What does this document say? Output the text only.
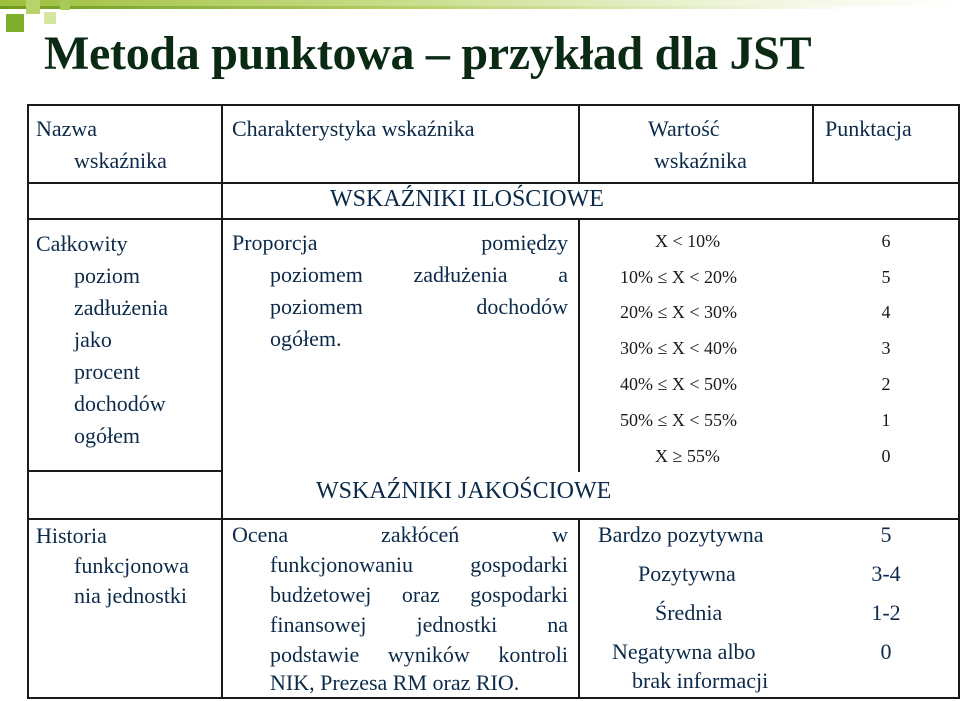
Metoda punktowa – przykład dla JST
Nazwa
wskaźnika
Charakterystyka wskaźnika	Wartość
wskaźnika
Punktacja
WSKAŹNIKI ILOŚCIOWE
Całkowity
poziom
zadłużenia
jako
procent
dochodów
ogółem
Proporcja pomiędzy
poziomem zadłużenia a
poziomem dochodów
ogółem.
X < 10%
10% ≤ X < 20%
20% ≤ X < 30%
30% ≤ X < 40%
40% ≤ X < 50%
50% ≤ X < 55%
X ≥ 55%
6
5
4
3
2
1
0
WSKAŹNIKI JAKOŚCIOWE
Historia
funkcjonowa
nia jednostki
Ocena zakłóceń w
funkcjonowaniu gospodarki
budżetowej oraz gospodarki
finansowej jednostki na
podstawie wyników kontroli
NIK, Prezesa RM oraz RIO.
Bardzo pozytywna
Pozytywna
Średnia
Negatywna albo
brak informacji
5
3-4
1-2
0
